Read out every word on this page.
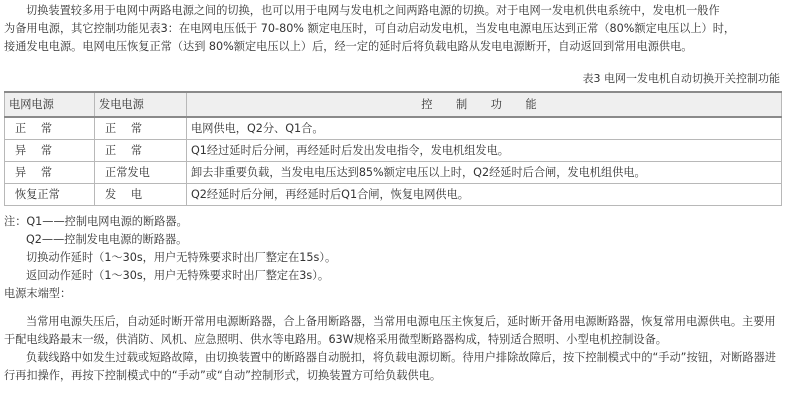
切换装置较多用于电网中两路电源之间的切换，也可以用于电网与发电机之间两路电源的切换。对于电网一发电机供电系统中，发电机一般作

为备用电源，其它控制功能见表3：在电网电压低于 70-80% 额定电压时，可自动启动发电机，当发电电源电压达到正常（80%额定电压以上）时，

接通发电电源。电网电压恢复正常（达到 80%额定电压以上）后，经一定的延时后将负载电路从发电电源断开，自动返回到常用电源供电。

表3 电网一发电机自动切换开关控制功能
电网电源	发电电源	控 制 功 能
正　 常	正　 常	电网供电，Q2分、Q1合。
异　 常	正　 常	Q1经过延时后分闸，再经延时后发出发电指令，发电机组发电。
异　 常	正常发电	卸去非重要负载，当发电电压达到85%额定电压以上时，Q2经延时后合闸，发电机组供电。
恢复正常	发　 电	Q2经延时后分闸，再经延时后Q1合闸，恢复电网供电。
注：Q1——控制电网电源的断路器。
Q2——控制发电电源的断路器。
切换动作延时（1～30s，用户无特殊要求时出厂整定在15s）。
返回动作延时（1～30s，用户无特殊要求时出厂整定在3s）。
电源末端型：

当常用电源失压后，自动延时断开常用电源断路器，合上备用断路器，当常用电源电压主恢复后，延时断开备用电源断路器，恢复常用电源供电。主要用于配电线路最末一级，供消防、风机、应急照明、供水等电路用。63W规格采用微型断路器构成，特别适合照明、小型电机控制设备。

负载线路中如发生过载或短路故障，由切换装置中的断路器自动脱扣，将负载电源切断。待用户排除故障后，按下控制模式中的“手动”按钮，对断路器进行再扣操作，再按下控制模式中的“手动”或“自动”控制形式，切换装置方可给负载供电。
